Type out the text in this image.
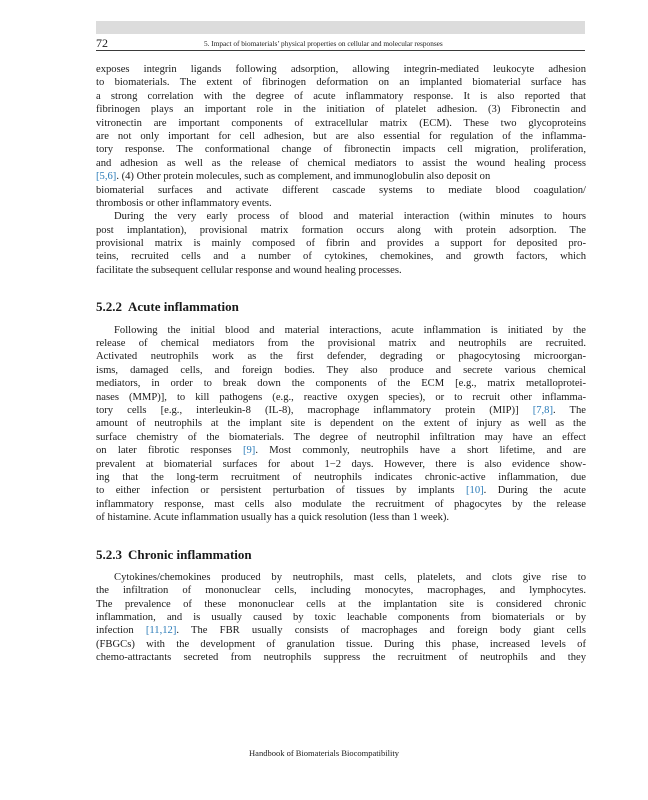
72	5. Impact of biomaterials’ physical properties on cellular and molecular responses
exposes integrin ligands following adsorption, allowing integrin-mediated leukocyte adhesion
to biomaterials. The extent of fibrinogen deformation on an implanted biomaterial surface has
a strong correlation with the degree of acute inflammatory response. It is also reported that
fibrinogen plays an important role in the initiation of platelet adhesion. (3) Fibronectin and
vitronectin are important components of extracellular matrix (ECM). These two glycoproteins
are not only important for cell adhesion, but are also essential for regulation of the inflamma-
tory response. The conformational change of fibronectin impacts cell migration, proliferation,
and adhesion as well as the release of chemical mediators to assist the wound healing process
[5,6]. (4) Other protein molecules, such as complement, and immunoglobulin also deposit on
biomaterial surfaces and activate different cascade systems to mediate blood coagulation/
thrombosis or other inflammatory events.
During the very early process of blood and material interaction (within minutes to hours
post implantation), provisional matrix formation occurs along with protein adsorption. The
provisional matrix is mainly composed of fibrin and provides a support for deposited pro-
teins, recruited cells and a number of cytokines, chemokines, and growth factors, which
facilitate the subsequent cellular response and wound healing processes.
5.2.2 Acute inflammation
Following the initial blood and material interactions, acute inflammation is initiated by the
release of chemical mediators from the provisional matrix and neutrophils are recruited.
Activated neutrophils work as the first defender, degrading or phagocytosing microorgan-
isms, damaged cells, and foreign bodies. They also produce and secrete various chemical
mediators, in order to break down the components of the ECM [e.g., matrix metalloprotei-
nases (MMP)], to kill pathogens (e.g., reactive oxygen species), or to recruit other inflamma-
tory cells [e.g., interleukin-8 (IL-8), macrophage inflammatory protein (MIP)] [7,8]. The
amount of neutrophils at the implant site is dependent on the extent of injury as well as the
surface chemistry of the biomaterials. The degree of neutrophil infiltration may have an effect
on later fibrotic responses [9]. Most commonly, neutrophils have a short lifetime, and are
prevalent at biomaterial surfaces for about 1−2 days. However, there is also evidence show-
ing that the long-term recruitment of neutrophils indicates chronic-active inflammation, due
to either infection or persistent perturbation of tissues by implants [10]. During the acute
inflammatory response, mast cells also modulate the recruitment of phagocytes by the release
of histamine. Acute inflammation usually has a quick resolution (less than 1 week).
5.2.3 Chronic inflammation
Cytokines/chemokines produced by neutrophils, mast cells, platelets, and clots give rise to
the infiltration of mononuclear cells, including monocytes, macrophages, and lymphocytes.
The prevalence of these mononuclear cells at the implantation site is considered chronic
inflammation, and is usually caused by toxic leachable components from biomaterials or by
infection [11,12]. The FBR usually consists of macrophages and foreign body giant cells
(FBGCs) with the development of granulation tissue. During this phase, increased levels of
chemo-attractants secreted from neutrophils suppress the recruitment of neutrophils and they
Handbook of Biomaterials Biocompatibility
